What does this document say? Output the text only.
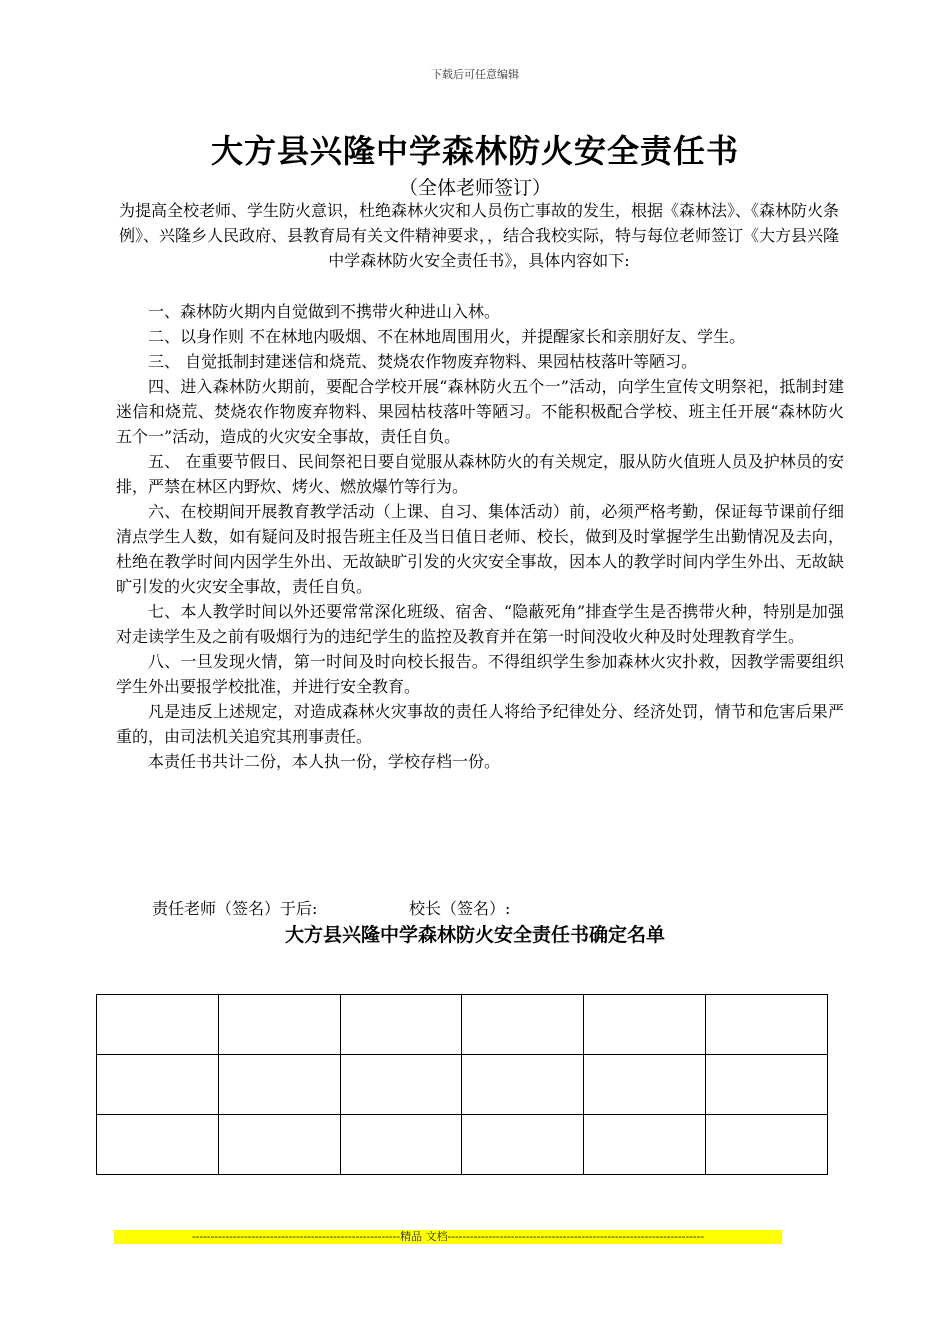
下载后可任意编辑
大方县兴隆中学森林防火安全责任书
（全体老师签订）
为提高全校老师、学生防火意识，杜绝森林火灾和人员伤亡事故的发生，根据《森林法》、《森林防火条例》、兴隆乡人民政府、县教育局有关文件精神要求，，结合我校实际，特与每位老师签订《大方县兴隆中学森林防火安全责任书》，具体内容如下:

一、森林防火期内自觉做到不携带火种进山入林。

二、以身作则 不在林地内吸烟、不在林地周围用火，并提醒家长和亲朋好友、学生。

三、 自觉抵制封建迷信和烧荒、焚烧农作物废弃物料、果园枯枝落叶等陋习。

四、进入森林防火期前，要配合学校开展“森林防火五个一”活动，向学生宣传文明祭祀，抵制封建迷信和烧荒、焚烧农作物废弃物料、果园枯枝落叶等陋习。不能积极配合学校、班主任开展“森林防火五个一”活动，造成的火灾安全事故，责任自负。

五、 在重要节假日、民间祭祀日要自觉服从森林防火的有关规定，服从防火值班人员及护林员的安排，严禁在林区内野炊、烤火、燃放爆竹等行为。

六、在校期间开展教育教学活动（上课、自习、集体活动）前，必须严格考勤，保证每节课前仔细清点学生人数，如有疑问及时报告班主任及当日值日老师、校长，做到及时掌握学生出勤情况及去向，杜绝在教学时间内因学生外出、无故缺旷引发的火灾安全事故，因本人的教学时间内学生外出、无故缺旷引发的火灾安全事故，责任自负。

七、本人教学时间以外还要常常深化班级、宿舍、“隐蔽死角”排查学生是否携带火种，特别是加强对走读学生及之前有吸烟行为的违纪学生的监控及教育并在第一时间没收火种及时处理教育学生。

八、一旦发现火情，第一时间及时向校长报告。不得组织学生参加森林火灾扑救，因教学需要组织学生外出要报学校批准，并进行安全教育。

凡是违反上述规定，对造成森林火灾事故的责任人将给予纪律处分、经济处罚，情节和危害后果严重的，由司法机关追究其刑事责任。

本责任书共计二份，本人执一份，学校存档一份。

责任老师（签名）于后:	校长（签名）:
大方县兴隆中学森林防火安全责任书确定名单

--------------------------------------------------------精品 文档---------------------------------------------------------------------
